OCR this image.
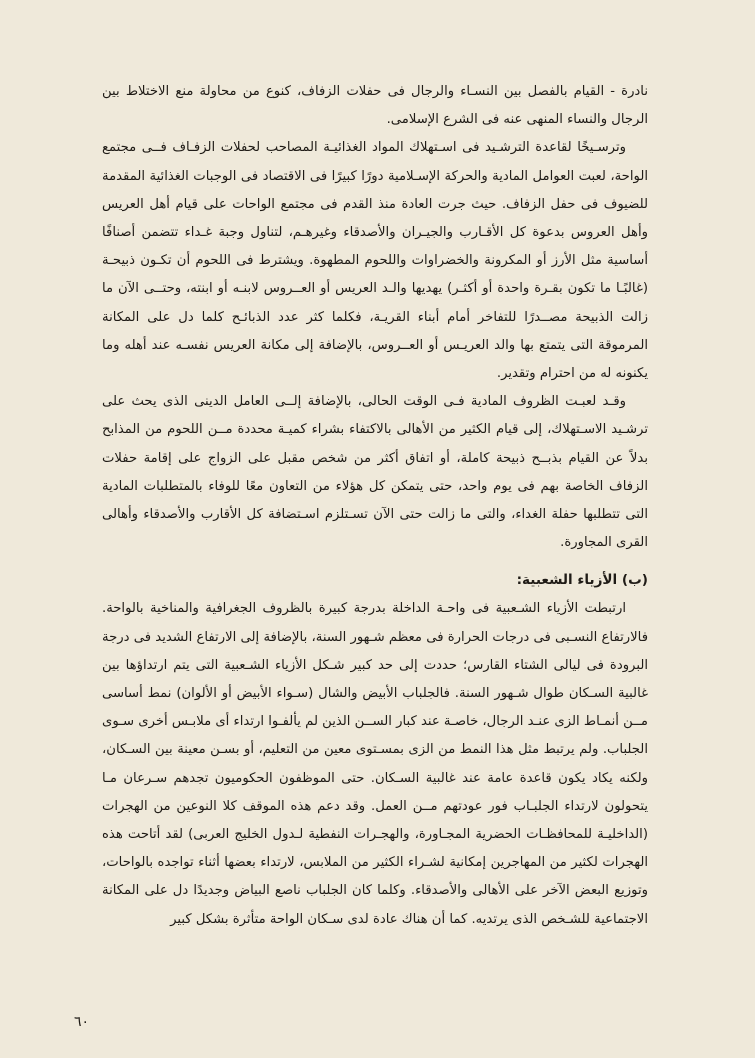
نادرة - القيام بالفصل بين النسـاء والرجال فى حفلات الزفاف، كنوع من محاولة منع الاختلاط بين الرجال والنساء المنهى عنه فى الشرع الإسلامى.

وترسـيخًا لقاعدة الترشـيد فى اسـتهلاك المواد الغذائيـة المصاحب لحفلات الزفـاف فــى مجتمع الواحة، لعبت العوامل المادية والحركة الإسـلامية دورًا كبيرًا فى الاقتصاد فى الوجبات الغذائية المقدمة للضيوف فى حفل الزفاف. حيث جرت العادة منذ القدم فى مجتمع الواحات على قيام أهل العريس وأهل العروس بدعوة كل الأقـارب والجيـران والأصدقاء وغيرهـم، لتناول وجبة غـداء تتضمن أصنافًا أساسية مثل الأرز أو المكرونة والخضراوات واللحوم المطهوة. ويشترط فى اللحوم أن تكـون ذبيحـة (غالبًـا ما تكون بقـرة واحدة أو أكثـر) يهديها والـد العريس أو العــروس لابنـه أو ابنته، وحتــى الآن ما زالت الذبيحة مصــدرًا للتفاخر أمام أبناء القريـة، فكلما كثر عدد الذبائـح كلما دل على المكانة المرموقة التى يتمتع بها والد العريـس أو العــروس، بالإضافة إلى مكانة العريس نفسـه عند أهله وما يكنونه له من احترام وتقدير.

وقـد لعبـت الظروف المادية فـى الوقت الحالى، بالإضافة إلــى العامل الدينى الذى يحث على ترشـيد الاسـتهلاك، إلى قيام الكثير من الأهالى بالاكتفاء بشراء كميـة محددة مــن اللحوم من المذابح بدلاً عن القيام بذبــح ذبيحة كاملة، أو اتفاق أكثر من شخص مقبل على الزواج على إقامة حفلات الزفاف الخاصة بهم فى يوم واحد، حتى يتمكن كل هؤلاء من التعاون معًا للوفاء بالمتطلبات المادية التى تتطلبها حفلة الغداء، والتى ما زالت حتى الآن تسـتلزم اسـتضافة كل الأقارب والأصدقاء وأهالى القرى المجاورة.

(ب) الأزياء الشعبية:

ارتبطت الأزياء الشـعبية فى واحـة الداخلة بدرجة كبيرة بالظروف الجغرافية والمناخية بالواحة. فالارتفاع النسـبى فى درجات الحرارة فى معظم شـهور السنة، بالإضافة إلى الارتفاع الشديد فى درجة البرودة فى ليالى الشتاء القارس؛ حددت إلى حد كبير شـكل الأزياء الشـعبية التى يتم ارتداؤها بين غالبية السـكان طوال شـهور السنة. فالجلباب الأبيض والشال (سـواء الأبيض أو الألوان) نمط أساسى مــن أنمـاط الزى عنـد الرجال، خاصـة عند كبار الســن الذين لم يألفـوا ارتداء أى ملابـس أخرى سـوى الجلباب. ولم يرتبط مثل هذا النمط من الزى بمسـتوى معين من التعليم، أو بسـن معينة بين السـكان، ولكنه يكاد يكون قاعدة عامة عند غالبية السـكان. حتى الموظفون الحكوميون تجدهم سـرعان مـا يتحولون لارتداء الجلبـاب فور عودتهم مــن العمل. وقد دعم هذه الموقف كلا النوعين من الهجرات (الداخليـة للمحافظـات الحضرية المجـاورة، والهجـرات النفطية لـدول الخليج العربى) لقد أتاحت هذه الهجرات لكثير من المهاجرين إمكانية لشـراء الكثير من الملابس، لارتداء بعضها أثناء تواجده بالواحات، وتوزيع البعض الآخر على الأهالى والأصدقاء. وكلما كان الجلباب ناصع البياض وجديدًا دل على المكانة الاجتماعية للشـخص الذى يرتديه. كما أن هناك عادة لدى سـكان الواحة متأثرة بشكل كبير

٦٠
